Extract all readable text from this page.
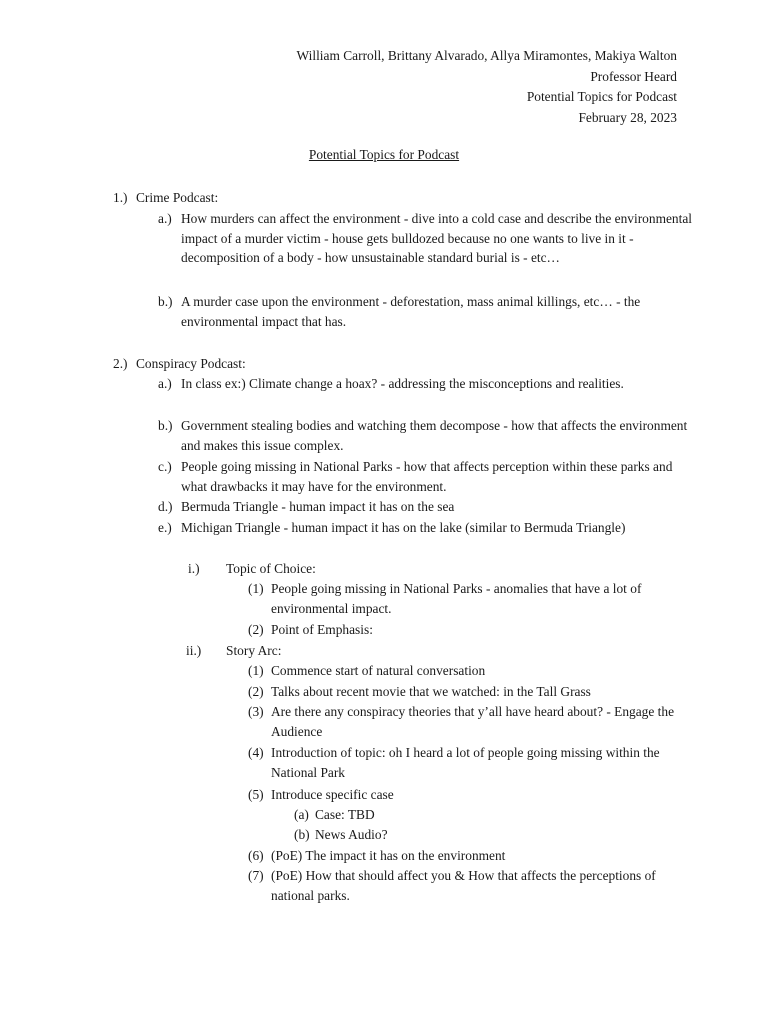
William Carroll, Brittany Alvarado, Allya Miramontes, Makiya Walton
Professor Heard
Potential Topics for Podcast
February 28, 2023
Potential Topics for Podcast
1.) Crime Podcast:
a.) How murders can affect the environment - dive into a cold case and describe the environmental impact of a murder victim - house gets bulldozed because no one wants to live in it - decomposition of a body - how unsustainable standard burial is - etc…
b.) A murder case upon the environment - deforestation, mass animal killings, etc… - the environmental impact that has.
2.) Conspiracy Podcast:
a.) In class ex:) Climate change a hoax? - addressing the misconceptions and realities.
b.) Government stealing bodies and watching them decompose - how that affects the environment and makes this issue complex.
c.) People going missing in National Parks - how that affects perception within these parks and what drawbacks it may have for the environment.
d.) Bermuda Triangle - human impact it has on the sea
e.) Michigan Triangle - human impact it has on the lake (similar to Bermuda Triangle)
i.) Topic of Choice:
(1) People going missing in National Parks - anomalies that have a lot of environmental impact.
(2) Point of Emphasis:
ii.) Story Arc:
(1) Commence start of natural conversation
(2) Talks about recent movie that we watched: in the Tall Grass
(3) Are there any conspiracy theories that y’all have heard about? - Engage the Audience
(4) Introduction of topic: oh I heard a lot of people going missing within the National Park
(5) Introduce specific case
(a) Case: TBD
(b) News Audio?
(6) (PoE) The impact it has on the environment
(7) (PoE) How that should affect you & How that affects the perceptions of national parks.
